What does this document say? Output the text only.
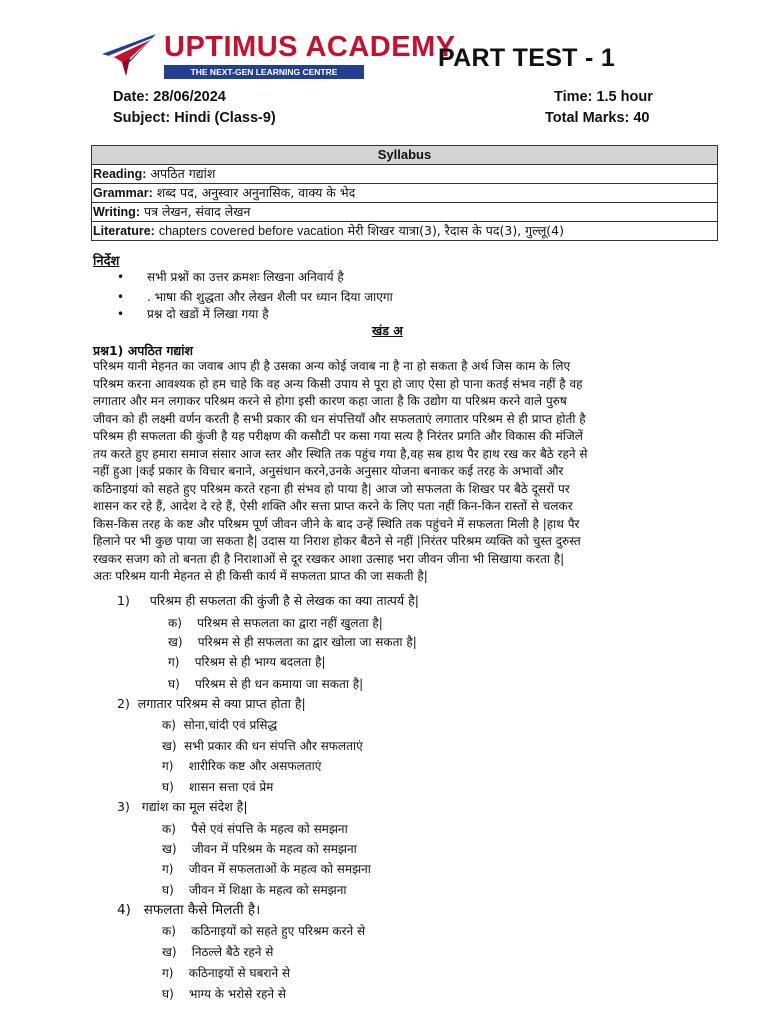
UPTIMUS ACADEMY
THE NEXT-GEN LEARNING CENTRE	PART TEST - 1
Date: 28/06/2024	Time: 1.5 hour
Subject: Hindi (Class-9)	Total Marks: 40
Syllabus
Reading: अपठित गद्यांश
Grammar: शब्द पद, अनुस्वार अनुनासिक, वाक्य के भेद
Writing: पत्र लेखन, संवाद लेखन
Literature: chapters covered before vacation मेरी शिखर यात्रा(3), रैदास के पद(3), गुल्लू(4)
निर्देश
• सभी प्रश्नों का उत्तर क्रमशः लिखना अनिवार्य है
• . भाषा की शुद्धता और लेखन शैली पर ध्यान दिया जाएगा
• प्रश्न दो खडों में लिखा गया है
खंड अ
प्रश्न1) अपठित गद्यांश
परिश्रम यानी मेहनत का जवाब आप ही है उसका अन्य कोई जवाब ना है ना हो सकता है अर्थ जिस काम के लिए
परिश्रम करना आवश्यक हो हम चाहे कि वह अन्य किसी उपाय से पूरा हो जाए ऐसा हो पाना कतई संभव नहीं है वह
लगातार और मन लगाकर परिश्रम करने से होगा इसी कारण कहा जाता है कि उद्योग या परिश्रम करने वाले पुरुष
जीवन को ही लक्ष्मी वर्णन करती है सभी प्रकार की धन संपत्तियाँ और सफलताएं लगातार परिश्रम से ही प्राप्त होती है
परिश्रम ही सफलता की कुंजी है यह परीक्षण की कसौटी पर कसा गया सत्य है निरंतर प्रगति और विकास की मंजिलें
तय करते हुए हमारा समाज संसार आज स्तर और स्थिति तक पहुंच गया है,वह सब हाथ पैर हाथ रख कर बैठे रहने से
नहीं हुआ |कई प्रकार के विचार बनाने, अनुसंधान करने,उनके अनुसार योजना बनाकर कई तरह के अभावों और
कठिनाइयां को सहते हुए परिश्रम करते रहना ही संभव हो पाया है| आज जो सफलता के शिखर पर बैठे दूसरों पर
शासन कर रहे हैं, आदेश दे रहे हैं, ऐसी शक्ति और सत्ता प्राप्त करने के लिए पता नहीं किन-किन रास्तों से चलकर
किस-किस तरह के कष्ट और परिश्रम पूर्ण जीवन जीने के बाद उन्हें स्थिति तक पहुंचने में सफलता मिली है |हाथ पैर
हिलाने पर भी कुछ पाया जा सकता है| उदास या निराश होकर बैठने से नहीं |निरंतर परिश्रम व्यक्ति को चुस्त दुरुस्त
रखकर सजग को तो बनता ही है निराशाओं से दूर रखकर आशा उत्साह भरा जीवन जीना भी सिखाया करता है|
अतः परिश्रम यानी मेहनत से ही किसी कार्य में सफलता प्राप्त की जा सकती है|
1) परिश्रम ही सफलता की कुंजी है से लेखक का क्या तात्पर्य है|
क) परिश्रम से सफलता का द्वारा नहीं खुलता है|
ख) परिश्रम से ही सफलता का द्वार खोला जा सकता है|
ग) परिश्रम से ही भाग्य बदलता है|
घ) परिश्रम से ही धन कमाया जा सकता है|
2) लगातार परिश्रम से क्या प्राप्त होता है|
क) सोना,चांदी एवं प्रसिद्ध
ख) सभी प्रकार की धन संपत्ति और सफलताएं
ग) शारीरिक कष्ट और असफलताएं
घ) शासन सत्ता एवं प्रेम
3) गद्यांश का मूल संदेश है|
क) पैसे एवं संपत्ति के महत्व को समझना
ख) जीवन में परिश्रम के महत्व को समझना
ग) जीवन में सफलताओं के महत्व को समझना
घ) जीवन में शिक्षा के महत्व को समझना
4) सफलता कैसे मिलती है।
क) कठिनाइयों को सहते हुए परिश्रम करने से
ख) निठल्ले बैठे रहने से
ग) कठिनाइयों से घबराने से
घ) भाग्य के भरोसे रहने से
